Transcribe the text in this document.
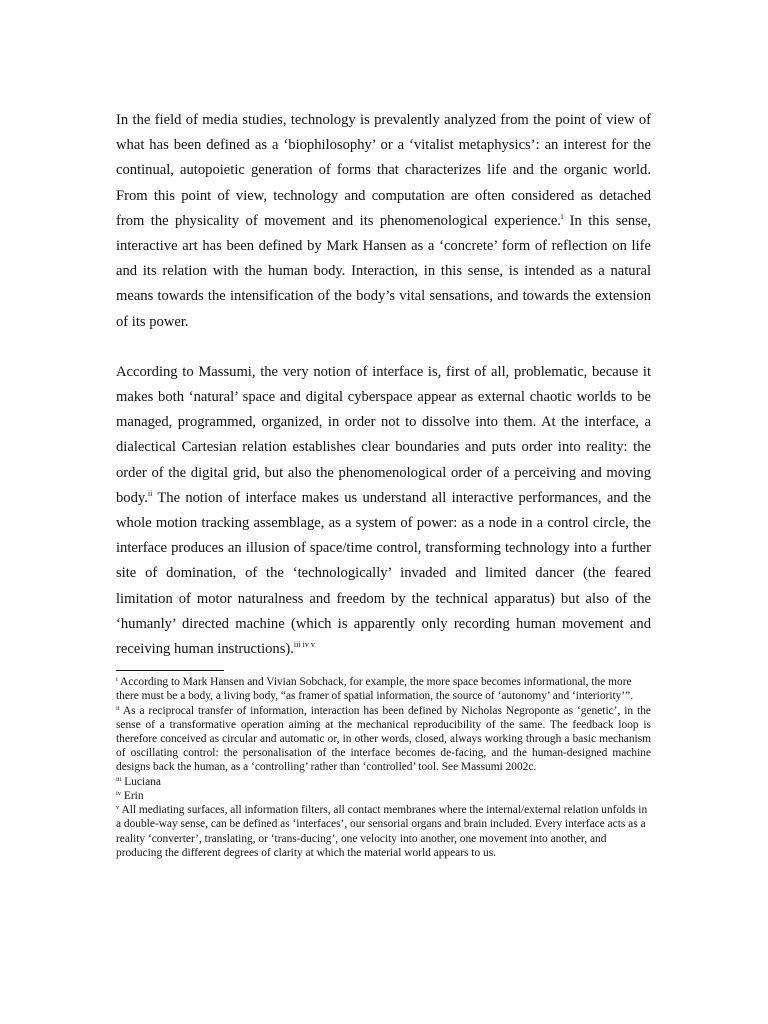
In the field of media studies, technology is prevalently analyzed from the point of view of what has been defined as a ‘biophilosophy’ or a ‘vitalist metaphysics’: an interest for the continual, autopoietic generation of forms that characterizes life and the organic world. From this point of view, technology and computation are often considered as detached from the physicality of movement and its phenomenological experience.$^i$ In this sense, interactive art has been defined by Mark Hansen as a ‘concrete’ form of reflection on life and its relation with the human body. Interaction, in this sense, is intended as a natural means towards the intensification of the body’s vital sensations, and towards the extension of its power.

According to Massumi, the very notion of interface is, first of all, problematic, because it makes both ‘natural’ space and digital cyberspace appear as external chaotic worlds to be managed, programmed, organized, in order not to dissolve into them. At the interface, a dialectical Cartesian relation establishes clear boundaries and puts order into reality: the order of the digital grid, but also the phenomenological order of a perceiving and moving body.$^{ii}$ The notion of interface makes us understand all interactive performances, and the whole motion tracking assemblage, as a system of power: as a node in a control circle, the interface produces an illusion of space/time control, transforming technology into a further site of domination, of the ‘technologically’ invaded and limited dancer (the feared limitation of motor naturalness and freedom by the technical apparatus) but also of the ‘humanly’ directed machine (which is apparently only recording human movement and receiving human instructions).$^{iii iv v}$

$^i$ According to Mark Hansen and Vivian Sobchack, for example, the more space becomes informational, the more there must be a body, a living body, “as framer of spatial information, the source of ‘autonomy’ and ‘interiority’”.

$^{ii}$ As a reciprocal transfer of information, interaction has been defined by Nicholas Negroponte as ‘genetic’, in the sense of a transformative operation aiming at the mechanical reproducibility of the same. The feedback loop is therefore conceived as circular and automatic or, in other words, closed, always working through a basic mechanism of oscillating control: the personalisation of the interface becomes de-facing, and the human-designed machine designs back the human, as a ‘controlling’ rather than ‘controlled’ tool. See Massumi 2002c.

$^{iii}$ Luciana

$^{iv}$ Erin

$^v$ All mediating surfaces, all information filters, all contact membranes where the internal/external relation unfolds in a double-way sense, can be defined as ‘interfaces’, our sensorial organs and brain included. Every interface acts as a reality ‘converter’, translating, or ‘trans-ducing’, one velocity into another, one movement into another, and producing the different degrees of clarity at which the material world appears to us.
